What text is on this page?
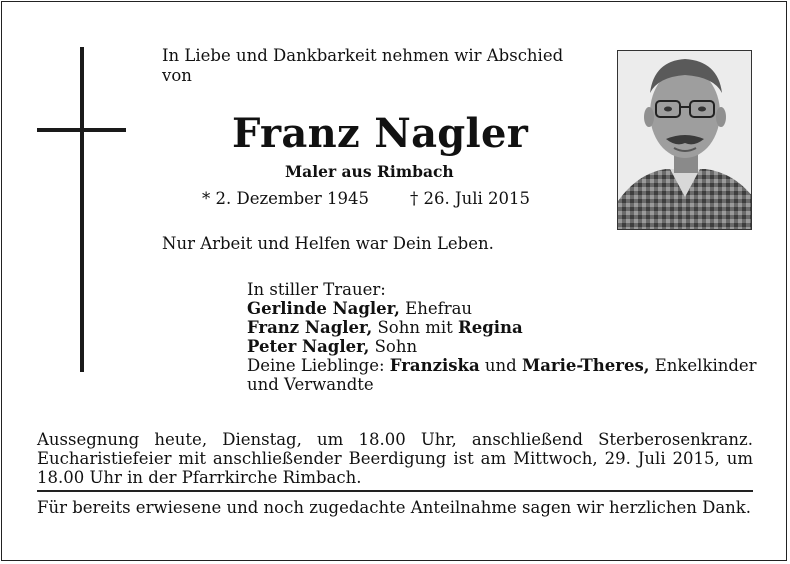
In Liebe und Dankbarkeit nehmen wir Abschied
von
Franz Nagler
Maler aus Rimbach
* 2. Dezember 1945 † 26. Juli 2015
Nur Arbeit und Helfen war Dein Leben.
In stiller Trauer:
Gerlinde Nagler, Ehefrau
Franz Nagler, Sohn mit Regina
Peter Nagler, Sohn
Deine Lieblinge: Franziska und Marie-Theres, Enkelkinder
und Verwandte
Aussegnung heute, Dienstag, um 18.00 Uhr, anschließend Sterberosenkranz. Eucharistiefeier mit anschließender Beerdigung ist am Mittwoch, 29. Juli 2015, um 18.00 Uhr in der Pfarrkirche Rimbach.
Für bereits erwiesene und noch zugedachte Anteilnahme sagen wir herzlichen Dank.
